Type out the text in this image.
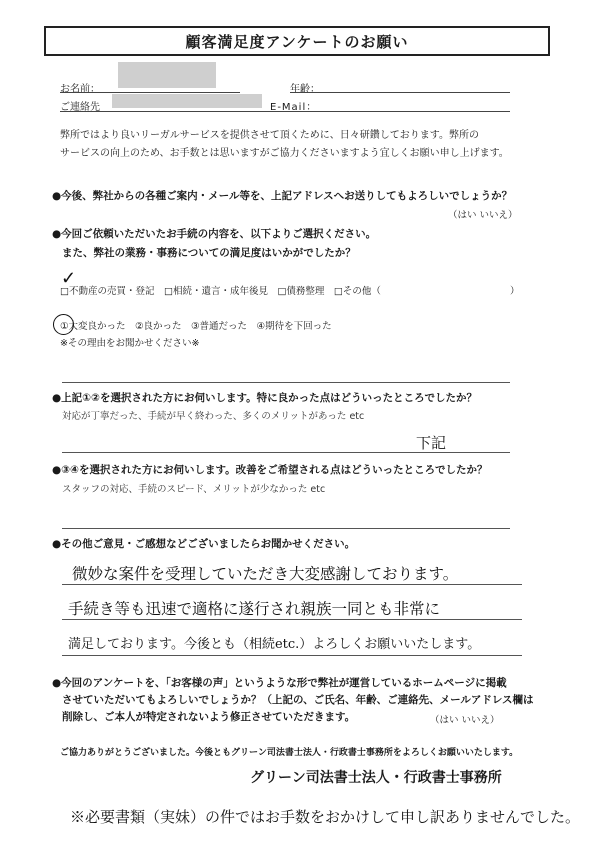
顧客満足度アンケートのお願い
お名前：	年齢：
ご連絡先	E-Mail：
弊所ではより良いリーガルサービスを提供させて頂くために、日々研鑽しております。弊所の
サービスの向上のため、お手数とは思いますがご協力くださいますよう宜しくお願い申し上げます。
●今後、弊社からの各種ご案内・メール等を、上記アドレスへお送りしてもよろしいでしょうか？
（はい いいえ）
●今回ご依頼いただいたお手続の内容を、以下よりご選択ください。
また、弊社の業務・事務についての満足度はいかがでしたか？
□不動産の売買・登記　□相続・遺言・成年後見　□債務整理　□その他（	）
✓
①大変良かった　②良かった　③普通だった　④期待を下回った
※その理由をお聞かせください※
●上記①②を選択された方にお伺いします。特に良かった点はどういったところでしたか？
対応が丁寧だった、手続が早く終わった、多くのメリットがあった etc
下記
●③④を選択された方にお伺いします。改善をご希望される点はどういったところでしたか？
スタッフの対応、手続のスピード、メリットが少なかった etc
●その他ご意見・ご感想などございましたらお聞かせください。
微妙な案件を受理していただき大変感謝しております。
手続き等も迅速で適格に遂行され親族一同とも非常に
満足しております。今後とも（相続etc.）よろしくお願いいたします。
●今回のアンケートを、「お客様の声」というような形で弊社が運営しているホームページに掲載
させていただいてもよろしいでしょうか？（上記の、ご氏名、年齢、ご連絡先、メールアドレス欄は
削除し、ご本人が特定されないよう修正させていただきます。	（はい いいえ）
ご協力ありがとうございました。今後ともグリーン司法書士法人・行政書士事務所をよろしくお願いいたします。
グリーン司法書士法人・行政書士事務所
※必要書類（実妹）の件ではお手数をおかけして申し訳ありませんでした。
